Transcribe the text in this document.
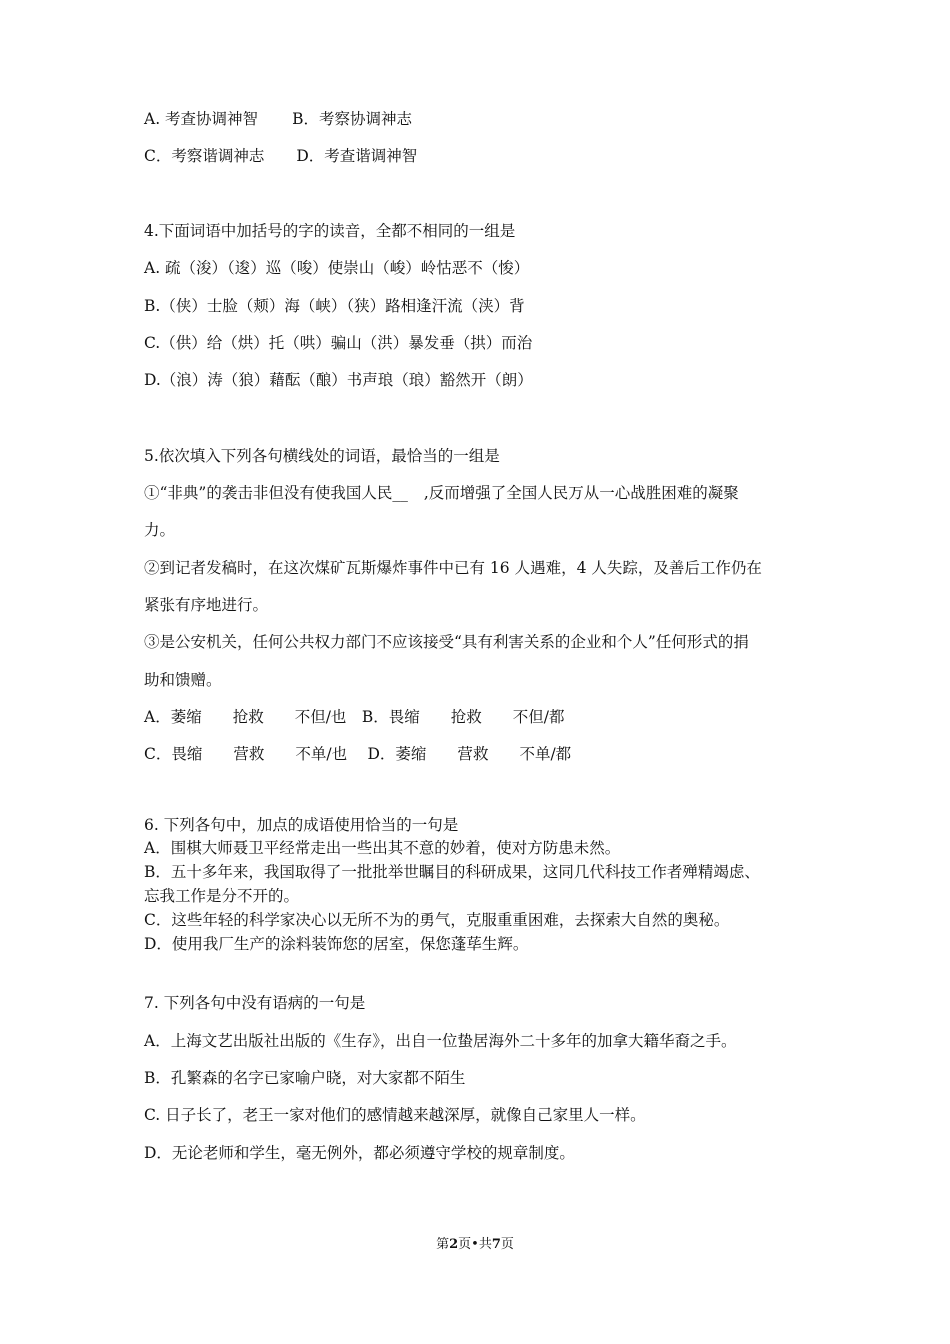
A. 考查协调神智 B．考察协调神志
C．考察谐调神志 D．考查谐调神智
4.下面词语中加括号的字的读音，全都不相同的一组是
A. 疏（浚）（逡）巡（唆）使崇山（峻）岭怙恶不（悛）
B.（侠）士脸（颊）海（峡）（狭）路相逢汗流（浃）背
C.（供）给（烘）托（哄）骗山（洪）暴发垂（拱）而治
D.（浪）涛（狼）藉酝（酿）书声琅（琅）豁然开（朗）
5.依次填入下列各句横线处的词语，最恰当的一组是
①“非典”的袭击非但没有使我国人民__ ,反而增强了全国人民万从一心战胜困难的凝聚
力。
②到记者发稿时，在这次煤矿瓦斯爆炸事件中已有 16 人遇难，4 人失踪，及善后工作仍在
紧张有序地进行。
③是公安机关，任何公共权力部门不应该接受“具有利害关系的企业和个人”任何形式的捐
助和馈赠。
A．萎缩　　抢救　　不但/也　B．畏缩　　抢救　　不但/都
C．畏缩　　营救　　不单/也　 D．萎缩　　营救　　不单/都
6. 下列各句中，加点的成语使用恰当的一句是
A．围棋大师聂卫平经常走出一些出其不意的妙着，使对方防患未然。
B．五十多年来，我国取得了一批批举世瞩目的科研成果，这同几代科技工作者殚精竭虑、
忘我工作是分不开的。
C．这些年轻的科学家决心以无所不为的勇气，克服重重困难，去探索大自然的奥秘。
D．使用我厂生产的涂料装饰您的居室，保您蓬荜生辉。
7. 下列各句中没有语病的一句是
A．上海文艺出版社出版的《生存》，出自一位蛰居海外二十多年的加拿大籍华裔之手。
B．孔繁森的名字已家喻户晓，对大家都不陌生
C. 日子长了，老王一家对他们的感情越来越深厚，就像自己家里人一样。
D．无论老师和学生，毫无例外，都必须遵守学校的规章制度。
第2页•共7页
